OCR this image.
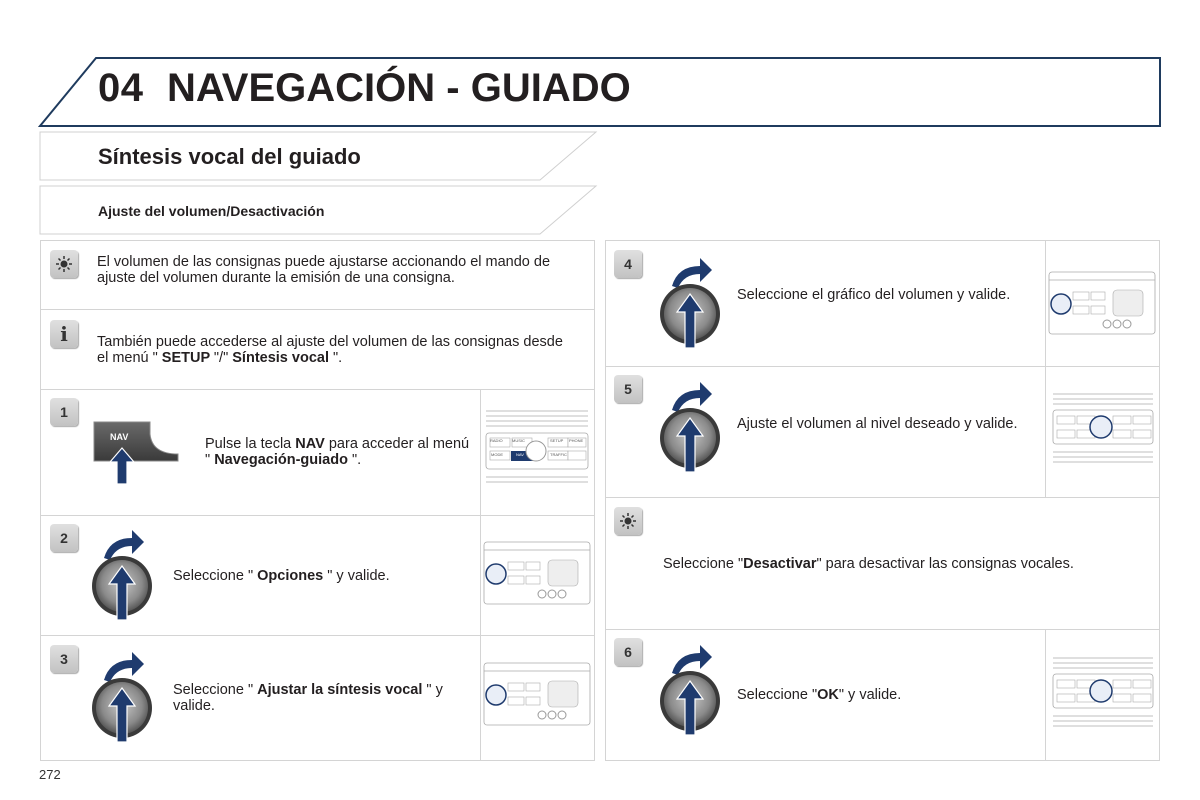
04 NAVEGACIÓN - GUIADO
Síntesis vocal del guiado
Ajuste del volumen/Desactivación
El volumen de las consignas puede ajustarse accionando el mando de ajuste del volumen durante la emisión de una consigna.
i También puede accederse al ajuste del volumen de las consignas desde el menú " SETUP "/" Síntesis vocal ".
1
2
3
4
5
6
NAV	Pulse la tecla NAV para acceder al menú " Navegación-guiado ".
Seleccione " Opciones " y valide.
Seleccione " Ajustar la síntesis vocal " y valide.
Seleccione el gráfico del volumen y valide.
Ajuste el volumen al nivel deseado y valide.
Seleccione "Desactivar" para desactivar las consignas vocales.
Seleccione "OK" y valide.
RADIO MUSIC	SETUP PHONE
MODE	NAV	TRAFFIC
272
